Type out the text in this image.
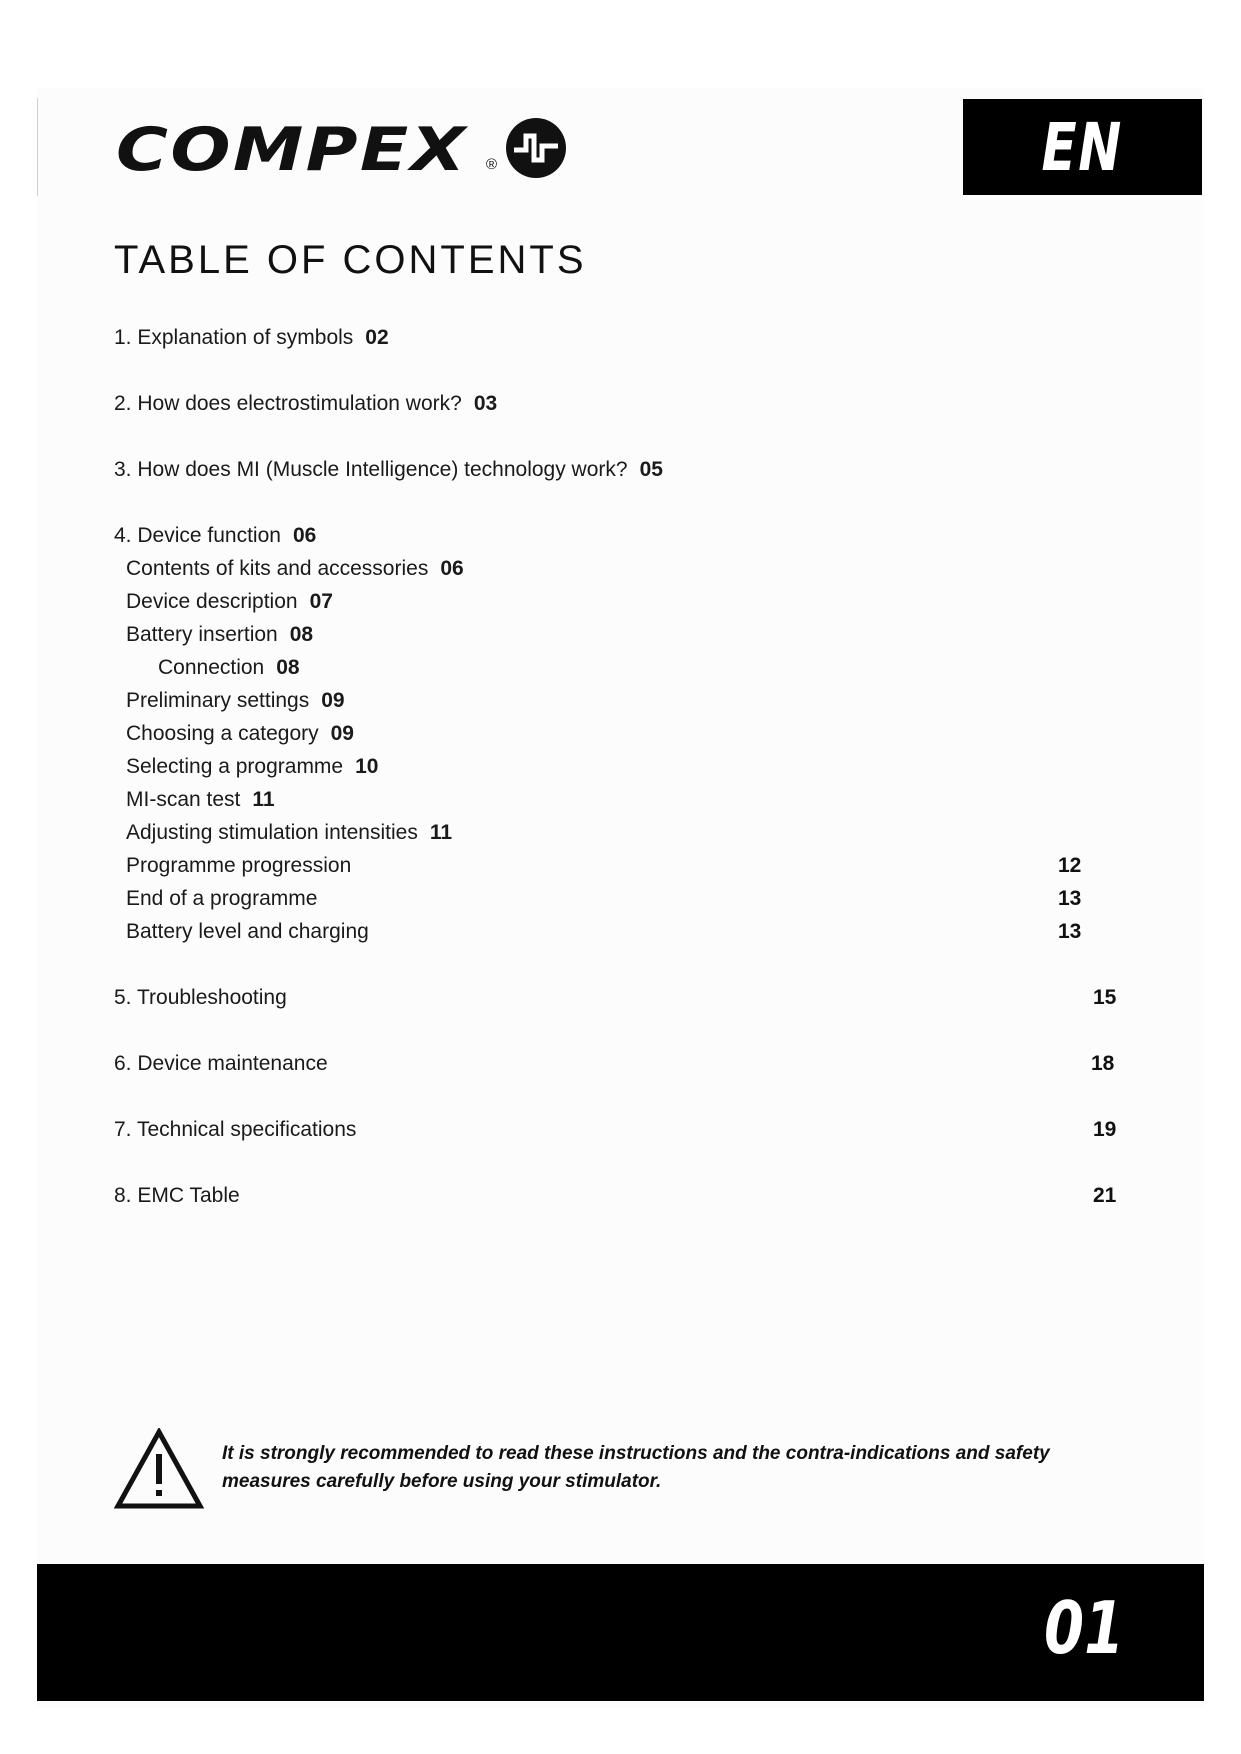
COMPEX ®	EN
TABLE OF CONTENTS
1. Explanation of symbols 02
2. How does electrostimulation work? 03
3. How does MI (Muscle Intelligence) technology work? 05
4. Device function 06
Contents of kits and accessories 06
Device description 07
Battery insertion 08
Connection 08
Preliminary settings 09
Choosing a category 09
Selecting a programme 10
MI-scan test 11
Adjusting stimulation intensities 11
Programme progression	12
End of a programme	13
Battery level and charging	13
5. Troubleshooting	15
6. Device maintenance	18
7. Technical specifications	19
8. EMC Table	21
It is strongly recommended to read these instructions and the contra-indications and safety measures carefully before using your stimulator.
01
